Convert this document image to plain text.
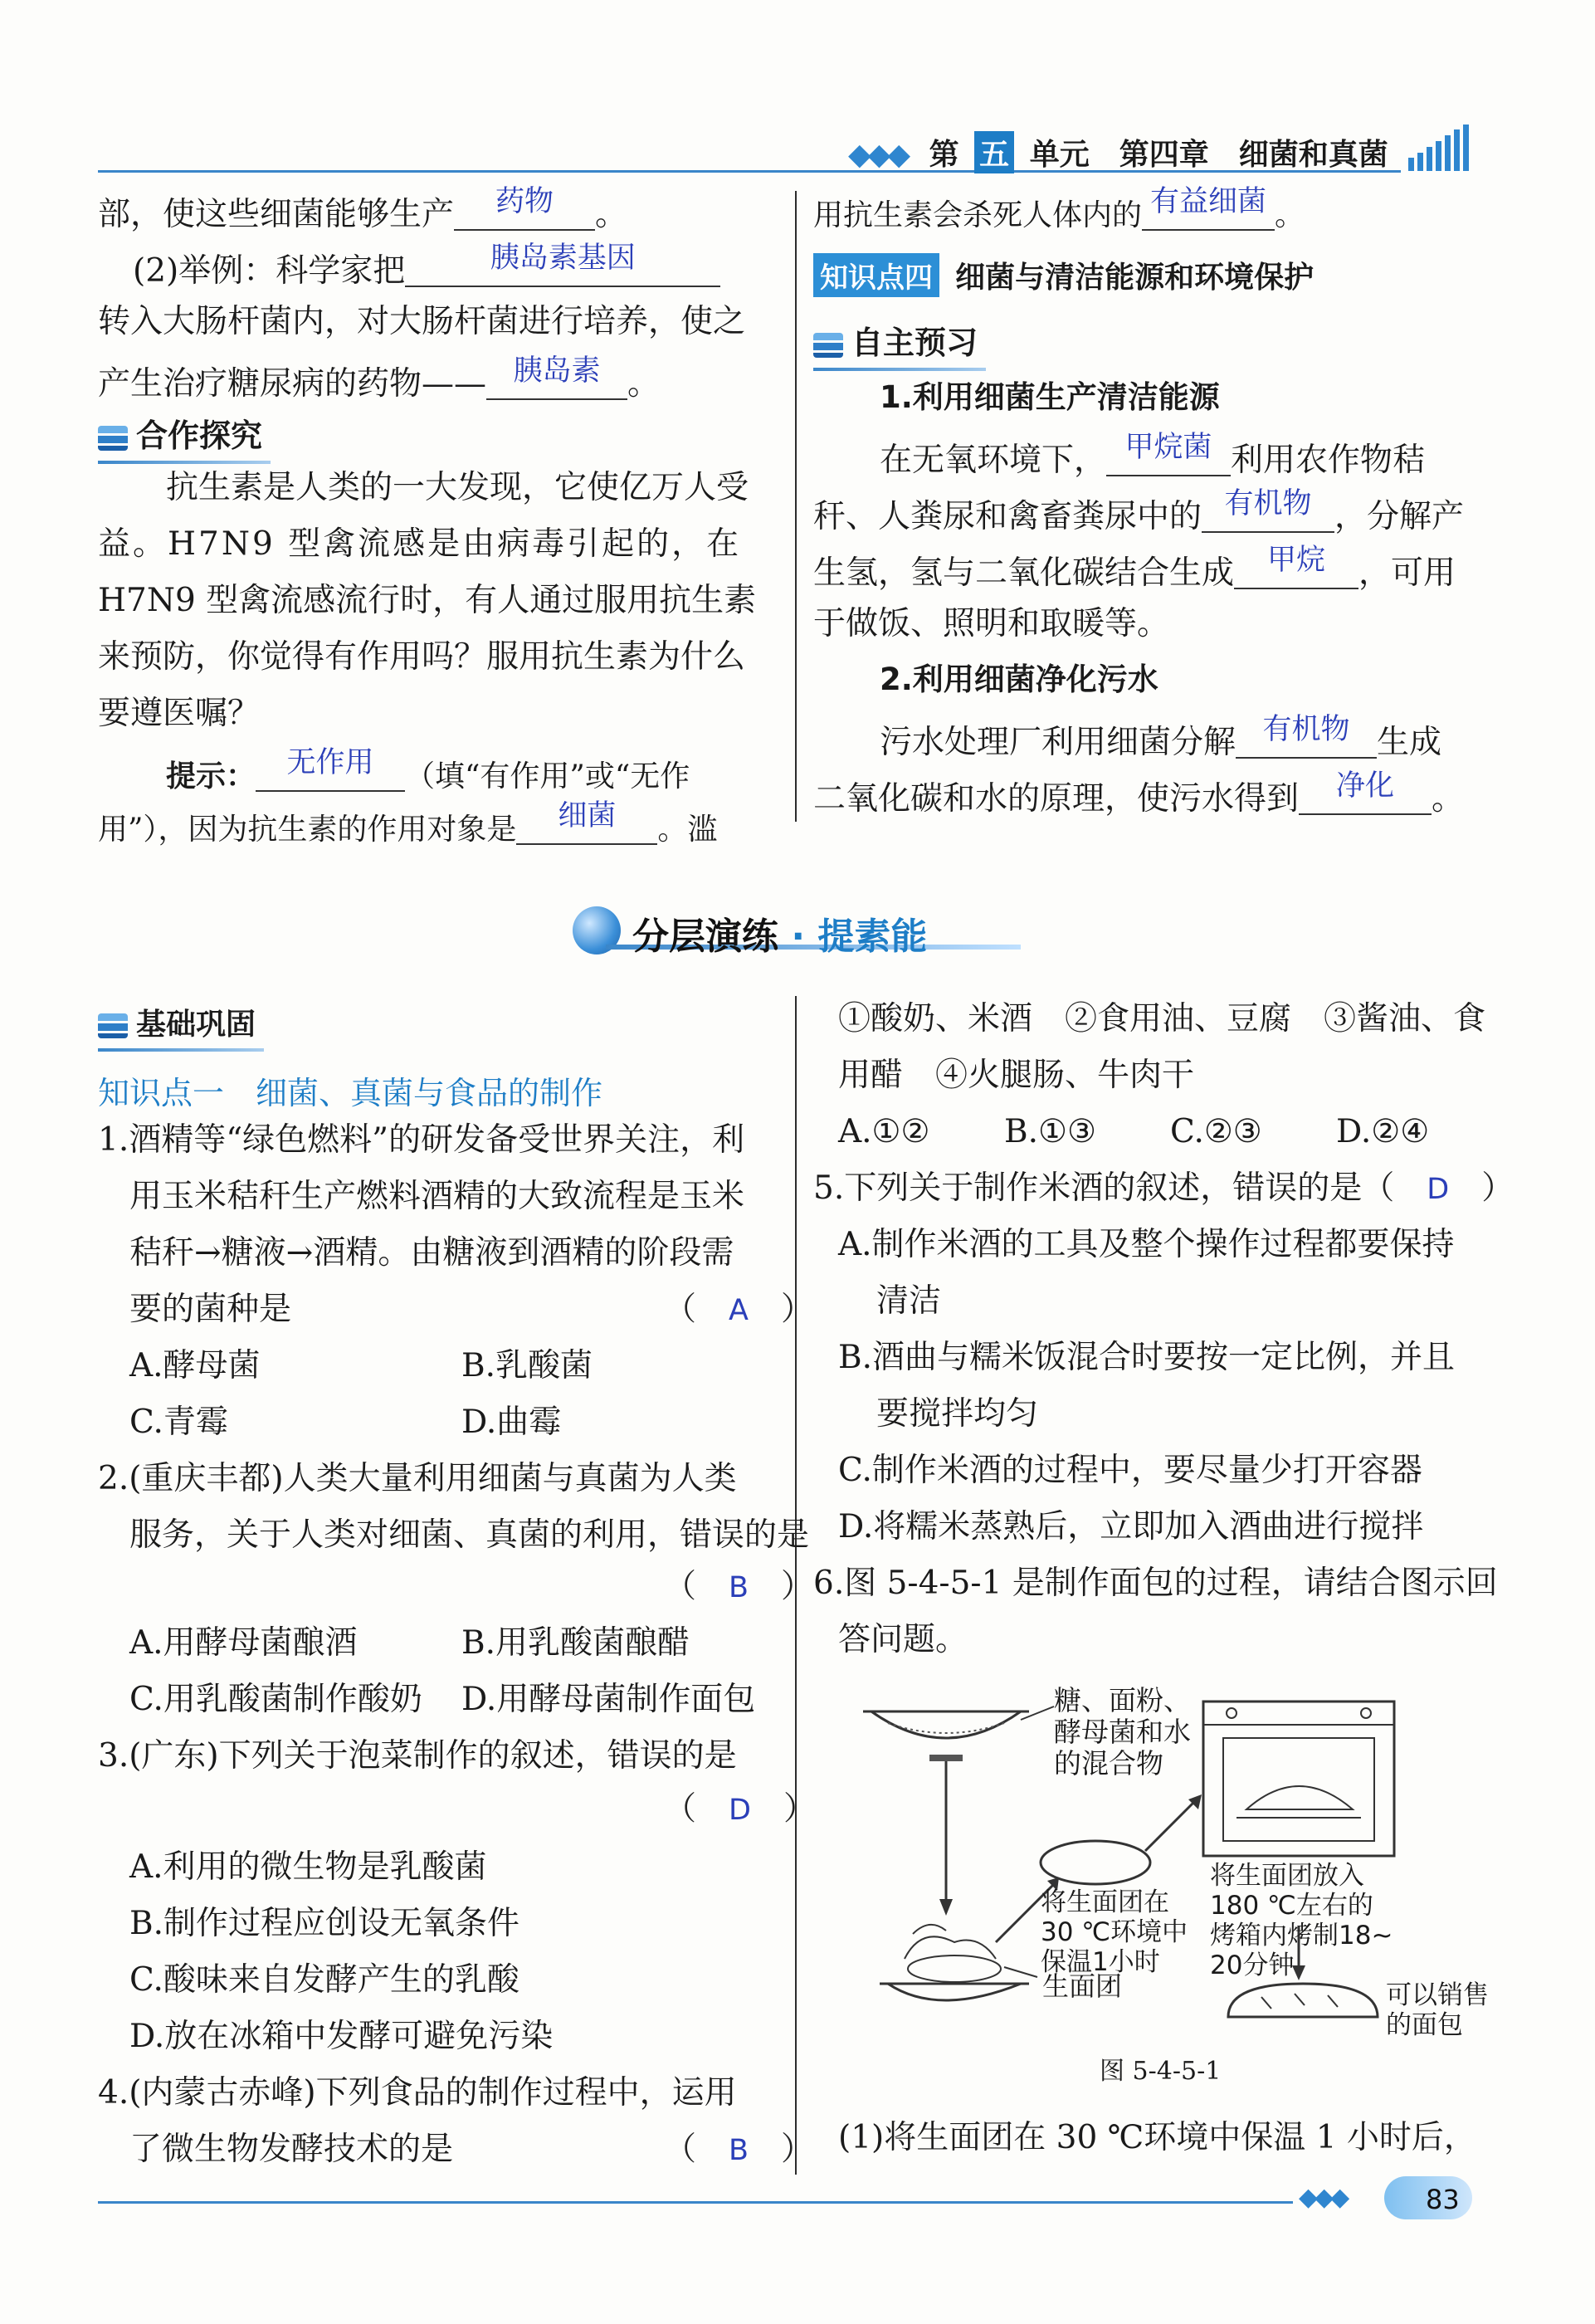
◆◆◆ 第 五 单元　第四章　细菌和真菌
部，使这些细菌能够生产	药物	。
(2)举例：科学家把	胰岛素基因
转入大肠杆菌内，对大肠杆菌进行培养，使之
产生治疗糖尿病的药物—— 胰岛素 。
合作探究
抗生素是人类的一大发现，它使亿万人受
益。H7N9 型禽流感是由病毒引起的，在
H7N9 型禽流感流行时，有人通过服用抗生素
来预防，你觉得有作用吗？服用抗生素为什么
要遵医嘱？
提示：	无作用	（填“有作用”或“无作
用”），因为抗生素的作用对象是	细菌	。滥
用抗生素会杀死人体内的 有益细菌 。
知识点四 细菌与清洁能源和环境保护
自主预习
1.利用细菌生产清洁能源
在无氧环境下， 甲烷菌 利用农作物秸
秆、人粪尿和禽畜粪尿中的 有机物 ，分解产
生氢，氢与二氧化碳结合生成	甲烷	，可用
于做饭、照明和取暖等。
2.利用细菌净化污水
污水处理厂利用细菌分解 有机物 生成
二氧化碳和水的原理，使污水得到	净化	。
分层演练 · 提素能
基础巩固
知识点一　细菌、真菌与食品的制作
1.酒精等“绿色燃料”的研发备受世界关注，利
用玉米秸秆生产燃料酒精的大致流程是玉米
秸秆→糖液→酒精。由糖液到酒精的阶段需
要的菌种是	（　A　）
A.酵母菌	B.乳酸菌
C.青霉	D.曲霉
2.(重庆丰都)人类大量利用细菌与真菌为人类
服务，关于人类对细菌、真菌的利用，错误的是
（　B　）
A.用酵母菌酿酒	B.用乳酸菌酿醋
C.用乳酸菌制作酸奶 D.用酵母菌制作面包
3.(广东)下列关于泡菜制作的叙述，错误的是
（　D　）
A.利用的微生物是乳酸菌
B.制作过程应创设无氧条件
C.酸味来自发酵产生的乳酸
D.放在冰箱中发酵可避免污染
4.(内蒙古赤峰)下列食品的制作过程中，运用
了微生物发酵技术的是	（　B　）
①酸奶、米酒　②食用油、豆腐　③酱油、食
用醋　④火腿肠、牛肉干
A.①② B.①③ C.②③ D.②④
5.下列关于制作米酒的叙述，错误的是（　D　）
A.制作米酒的工具及整个操作过程都要保持
清洁
B.酒曲与糯米饭混合时要按一定比例，并且
要搅拌均匀
C.制作米酒的过程中，要尽量少打开容器
D.将糯米蒸熟后，立即加入酒曲进行搅拌
6.图 5-4-5-1 是制作面包的过程，请结合图示回
答问题。
糖、面粉、
酵母菌和水
的混合物
将生面团在
30 ℃环境中
保温1小时
将生面团放入
180 ℃左右的
烤箱内烤制18~
20分钟
生面团	可以销售
的面包
图 5-4-5-1
(1)将生面团在 30 ℃环境中保温 1 小时后，
◆◆◆	83
